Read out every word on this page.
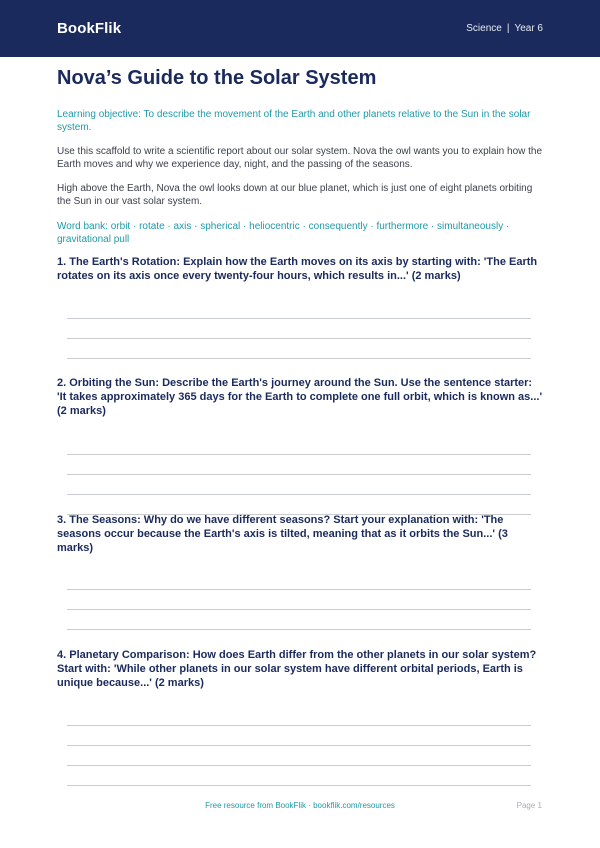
BookFlik	Science | Year 6
Nova’s Guide to the Solar System
Learning objective: To describe the movement of the Earth and other planets relative to the Sun in the solar system.
Use this scaffold to write a scientific report about our solar system. Nova the owl wants you to explain how the Earth moves and why we experience day, night, and the passing of the seasons.
High above the Earth, Nova the owl looks down at our blue planet, which is just one of eight planets orbiting the Sun in our vast solar system.
Word bank: orbit · rotate · axis · spherical · heliocentric · consequently · furthermore · simultaneously · gravitational pull
1. The Earth's Rotation: Explain how the Earth moves on its axis by starting with: 'The Earth rotates on its axis once every twenty-four hours, which results in...' (2 marks)
2. Orbiting the Sun: Describe the Earth's journey around the Sun. Use the sentence starter: 'It takes approximately 365 days for the Earth to complete one full orbit, which is known as...' (2 marks)
3. The Seasons: Why do we have different seasons? Start your explanation with: 'The seasons occur because the Earth's axis is tilted, meaning that as it orbits the Sun...' (3 marks)
4. Planetary Comparison: How does Earth differ from the other planets in our solar system? Start with: 'While other planets in our solar system have different orbital periods, Earth is unique because...' (2 marks)
Free resource from BookFlik · bookflik.com/resources	Page 1
